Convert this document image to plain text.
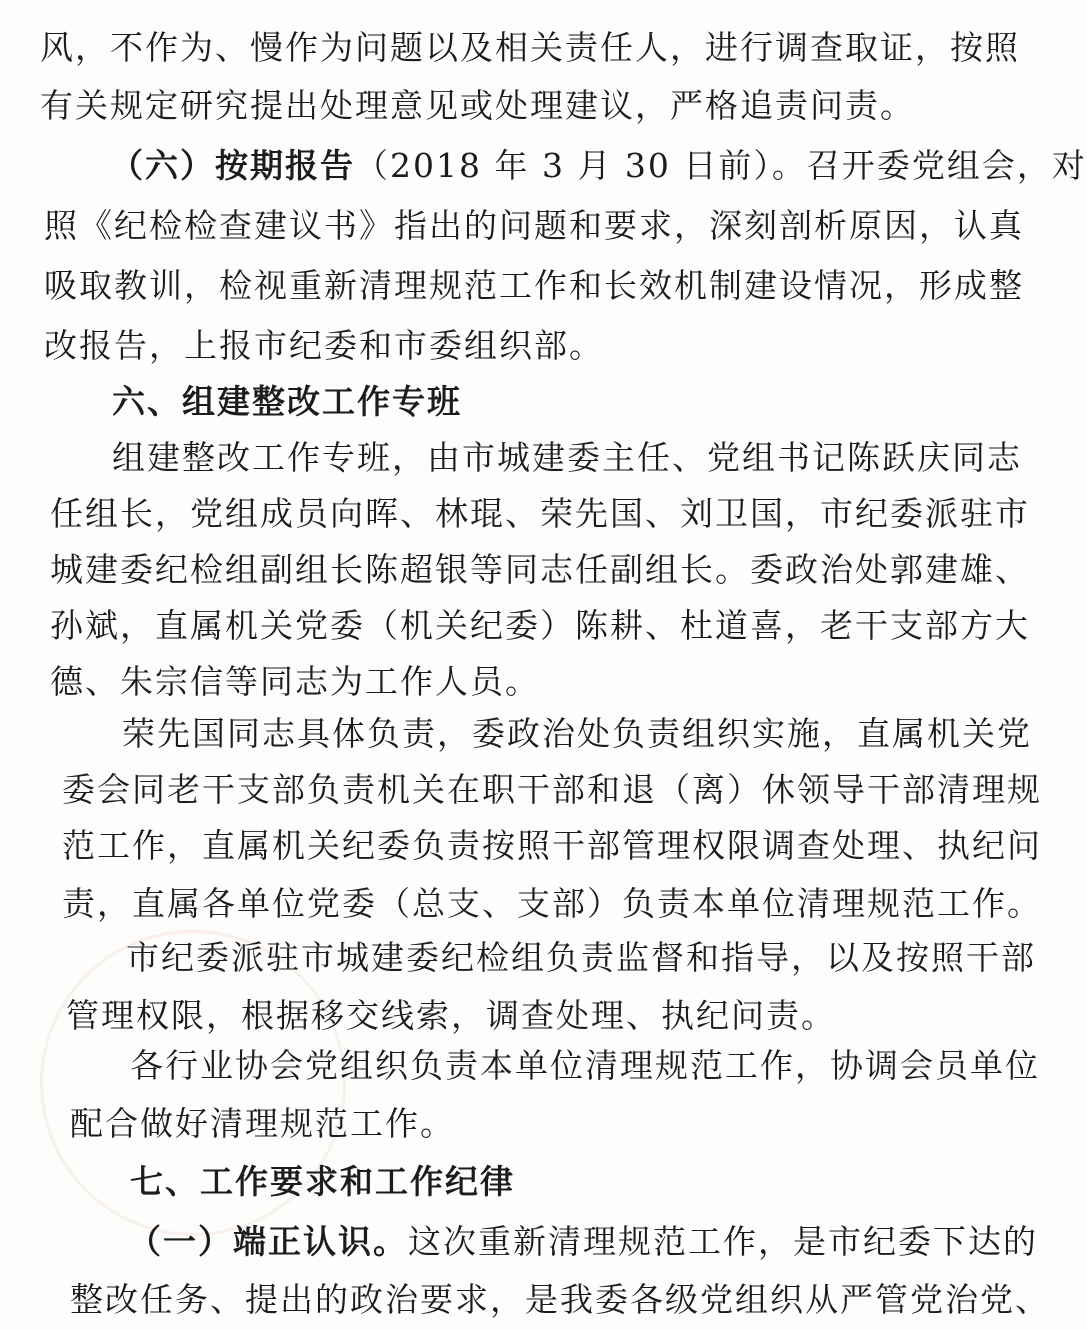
风，不作为、慢作为问题以及相关责任人，进行调查取证，按照

有关规定研究提出处理意见或处理建议，严格追责问责。

（六）按期报告（2018 年 3 月 30 日前）。召开委党组会，对

照《纪检检查建议书》指出的问题和要求，深刻剖析原因，认真

吸取教训，检视重新清理规范工作和长效机制建设情况，形成整

改报告，上报市纪委和市委组织部。

六、组建整改工作专班

组建整改工作专班，由市城建委主任、党组书记陈跃庆同志

任组长，党组成员向晖、林琨、荣先国、刘卫国，市纪委派驻市

城建委纪检组副组长陈超银等同志任副组长。委政治处郭建雄、

孙斌，直属机关党委（机关纪委）陈耕、杜道喜，老干支部方大

德、朱宗信等同志为工作人员。

荣先国同志具体负责，委政治处负责组织实施，直属机关党

委会同老干支部负责机关在职干部和退（离）休领导干部清理规

范工作，直属机关纪委负责按照干部管理权限调查处理、执纪问

责，直属各单位党委（总支、支部）负责本单位清理规范工作。

市纪委派驻市城建委纪检组负责监督和指导，以及按照干部

管理权限，根据移交线索，调查处理、执纪问责。

各行业协会党组织负责本单位清理规范工作，协调会员单位

配合做好清理规范工作。

七、工作要求和工作纪律

（一）端正认识。这次重新清理规范工作，是市纪委下达的

整改任务、提出的政治要求，是我委各级党组织从严管党治党、
